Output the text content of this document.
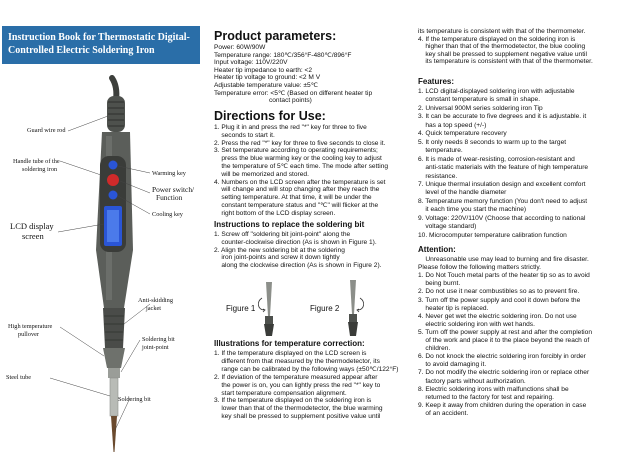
Instruction Book for Thermostatic Digital-
Controlled Electric Soldering Iron
Guard wire rod
Handle tube of the
soldering iron
Warming key
Power switch/
Function
Cooling key
LCD display
screen
Anti-skidding
jacket
High temperature
pullover
Soldering bit
joint-point
Steel tube
Soldering bit
Product parameters:
Power: 60W/90W
Temperature range: 180℃/356°F-480℃/896°F
Input voltage: 110V/220V
Heater tip impedance to earth: <2
Heater tip voltage to ground: <2 M V
Adjustable temperature value: ±5℃
Temperature error: <5℃ (Based on different heater tip
contact points)
Directions for Use:
1. Plug it in and press the red "*" key for three to five
seconds to start it.
2. Press the red "*" key for three to five seconds to close it.
3. Set temperature according to operating requirements;
press the blue warming key or the cooling key to adjust
the temperature of 5℃ each time. The mode after setting
will be memorized and stored.
4. Numbers on the LCD screen after the temperature is set
will change and will stop changing after they reach the
setting temperature. At that time, it will be under the
constant temperature status and "℃" will flicker at the
right bottom of the LCD display screen.
Instructions to replace the soldering bit
1. Screw off "soldering bit joint-point" along the
counter-clockwise direction (As is shown in Figure 1).
2. Align the new soldering bit at the soldering
iron joint-points and screw it down tightly
along the clockwise direction (As is shown in Figure 2).
Figure 1	Figure 2
Illustrations for temperature correction:
1. If the temperature displayed on the LCD screen is
different from that measured by the thermodetector, its
range can be calibrated by the following ways (±50℃/122°F)
2. If deviation of the temperature measured appear after
the power is on, you can lightly press the red "*" key to
start temperature compensation alignment.
3. If the temperature displayed on the soldering iron is
lower than that of the thermodetector, the blue warming
key shall be pressed to supplement positive value until
its temperature is consistent with that of the thermometer.
4. If the temperature displayed on the soldering iron is
higher than that of the thermodetector, the blue cooling
key shall be pressed to supplement negative value until
its temperature is consistent with that of the thermometer.
Features:
1. LCD digital-displayed soldering iron with adjustable
constant temperature is small in shape.
2. Universal 900M series soldering iron Tip
3. It can be accurate to five degrees and it is adjustable. it
has a top speed (+/-)
4. Quick temperature recovery
5. It only needs 8 seconds to warm up to the target
temperature.
6. It is made of wear-resisting, corrosion-resistant and
anti-static materials with the feature of high temperature
resistance.
7. Unique thermal insulation design and excellent comfort
level of the handle diameter
8. Temperature memory function (You don't need to adjust
it each time you start the machine)
9. Voltage: 220V/110V (Choose that according to national
voltage standard)
10. Microcomputer temperature calibration function
Attention:
Unreasonable use may lead to burning and fire disaster.
Please follow the following matters strictly.
1. Do Not Touch metal parts of the heater tip so as to avoid
being burnt.
2. Do not use it near combustibles so as to prevent fire.
3. Turn off the power supply and cool it down before the
heater tip is replaced.
4. Never get wet the electric soldering iron. Do not use
electric soldering iron with wet hands.
5. Turn off the power supply at rest and after the completion
of the work and place it to the place beyond the reach of
children.
6. Do not knock the electric soldering iron forcibly in order
to avoid damaging it.
7. Do not modify the electric soldering iron or replace other
factory parts without authorization.
8. Electric soldering irons with malfunctions shall be
returned to the factory for test and repairing.
9. Keep it away from children during the operation in case
of an accident.
